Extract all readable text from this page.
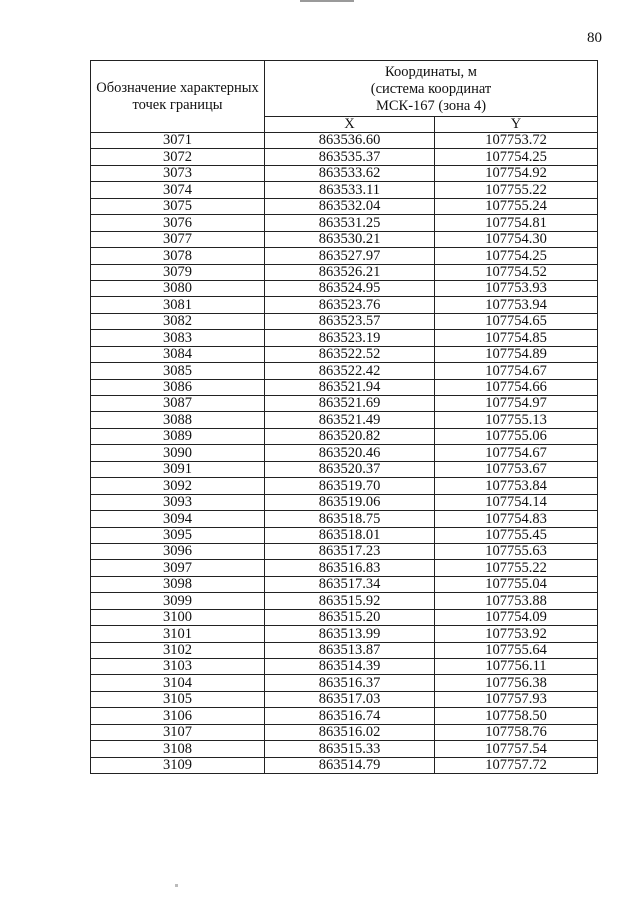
80
Обозначение характерных точек границы	Координаты, м
(система координат
МСК-167 (зона 4)	

	X	Y
3071	863536.60	107753.72
3072	863535.37	107754.25
3073	863533.62	107754.92
3074	863533.11	107755.22
3075	863532.04	107755.24
3076	863531.25	107754.81
3077	863530.21	107754.30
3078	863527.97	107754.25
3079	863526.21	107754.52
3080	863524.95	107753.93
3081	863523.76	107753.94
3082	863523.57	107754.65
3083	863523.19	107754.85
3084	863522.52	107754.89
3085	863522.42	107754.67
3086	863521.94	107754.66
3087	863521.69	107754.97
3088	863521.49	107755.13
3089	863520.82	107755.06
3090	863520.46	107754.67
3091	863520.37	107753.67
3092	863519.70	107753.84
3093	863519.06	107754.14
3094	863518.75	107754.83
3095	863518.01	107755.45
3096	863517.23	107755.63
3097	863516.83	107755.22
3098	863517.34	107755.04
3099	863515.92	107753.88
3100	863515.20	107754.09
3101	863513.99	107753.92
3102	863513.87	107755.64
3103	863514.39	107756.11
3104	863516.37	107756.38
3105	863517.03	107757.93
3106	863516.74	107758.50
3107	863516.02	107758.76
3108	863515.33	107757.54
3109	863514.79	107757.72
